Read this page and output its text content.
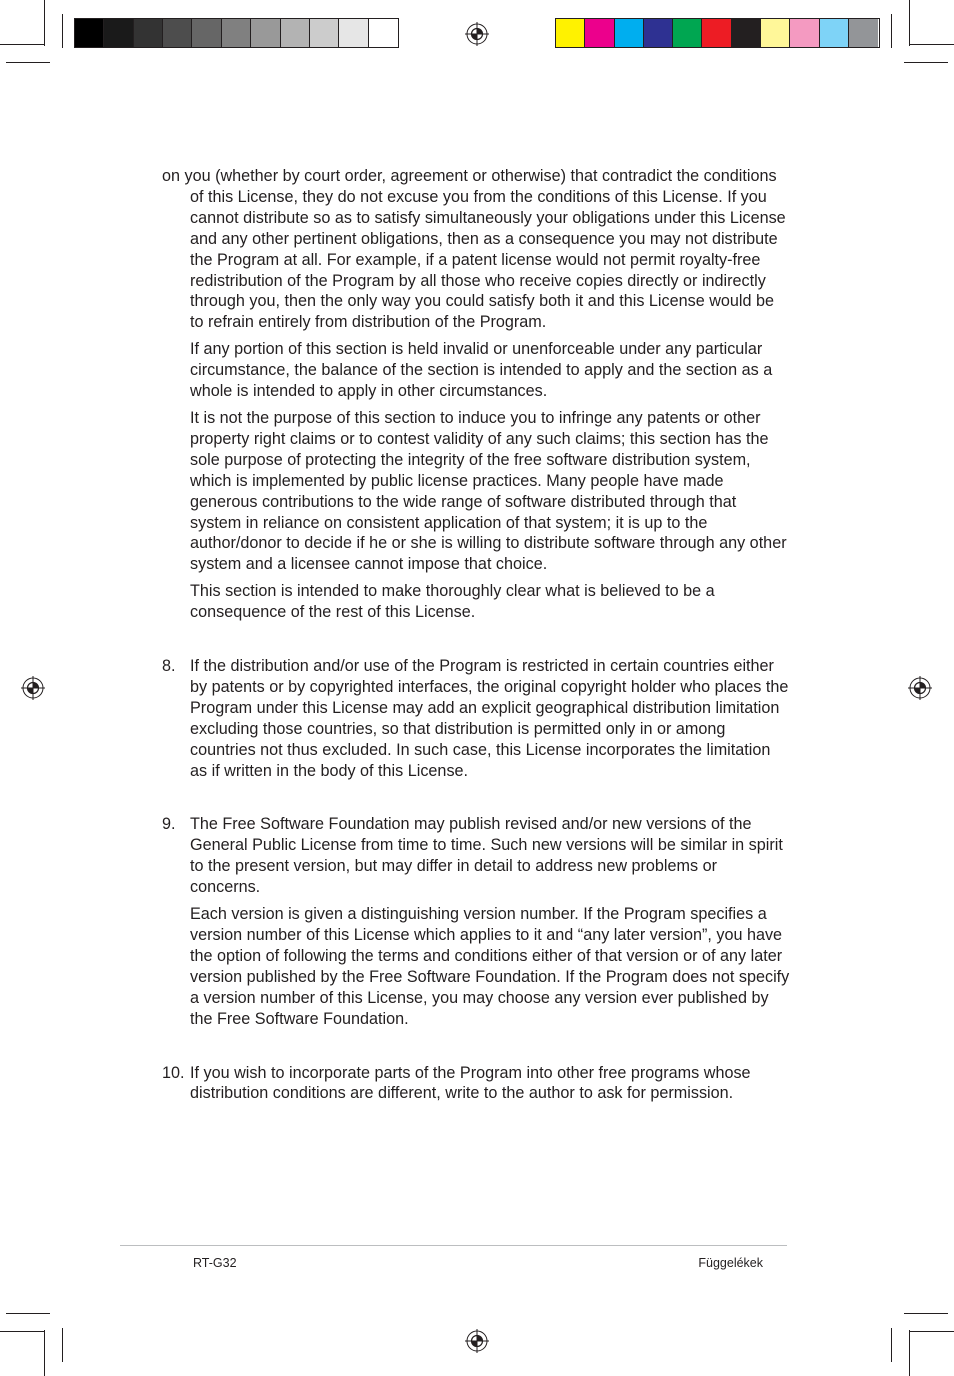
on you (whether by court order, agreement or otherwise) that contradict the conditions of this License, they do not excuse you from the conditions of this License. If you cannot distribute so as to satisfy simultaneously your obligations under this License and any other pertinent obligations, then as a consequence you may not distribute the Program at all. For example, if a patent license would not permit royalty-free redistribution of the Program by all those who receive copies directly or indirectly through you, then the only way you could satisfy both it and this License would be to refrain entirely from distribution of the Program.

If any portion of this section is held invalid or unenforceable under any particular circumstance, the balance of the section is intended to apply and the section as a whole is intended to apply in other circumstances.

It is not the purpose of this section to induce you to infringe any patents or other property right claims or to contest validity of any such claims; this section has the sole purpose of protecting the integrity of the free software distribution system, which is implemented by public license practices. Many people have made generous contributions to the wide range of software distributed through that system in reliance on consistent application of that system; it is up to the author/donor to decide if he or she is willing to distribute software through any other system and a licensee cannot impose that choice.

This section is intended to make thoroughly clear what is believed to be a consequence of the rest of this License.

8. If the distribution and/or use of the Program is restricted in certain countries either by patents or by copyrighted interfaces, the original copyright holder who places the Program under this License may add an explicit geographical distribution limitation excluding those countries, so that distribution is permitted only in or among countries not thus excluded. In such case, this License incorporates the limitation as if written in the body of this License.

9. The Free Software Foundation may publish revised and/or new versions of the General Public License from time to time. Such new versions will be similar in spirit to the present version, but may differ in detail to address new problems or concerns.

Each version is given a distinguishing version number. If the Program specifies a version number of this License which applies to it and “any later version”, you have the option of following the terms and conditions either of that version or of any later version published by the Free Software Foundation. If the Program does not specify a version number of this License, you may choose any version ever published by the Free Software Foundation.

10. If you wish to incorporate parts of the Program into other free programs whose distribution conditions are different, write to the author to ask for permission.

RT-G32	Függelékek
